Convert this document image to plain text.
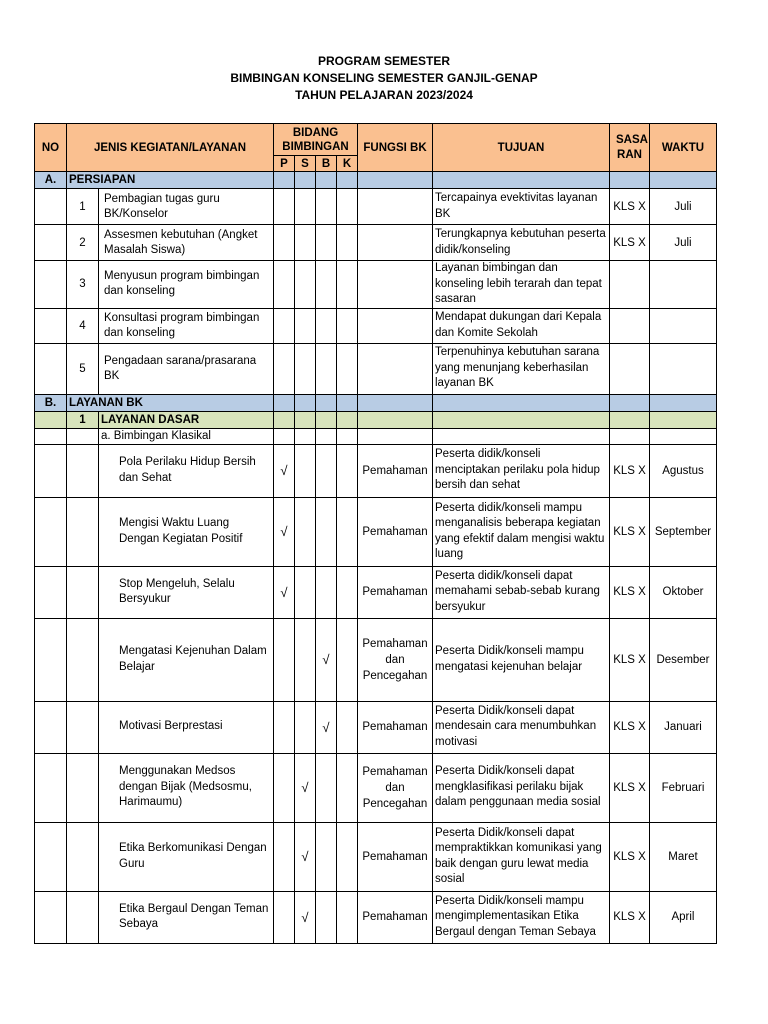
PROGRAM SEMESTER
BIMBINGAN KONSELING SEMESTER GANJIL-GENAP
TAHUN PELAJARAN 2023/2024
NO	JENIS KEGIATAN/LAYANAN		BIDANG BIMBINGAN				FUNGSI BK	TUJUAN	SASA RAN	WAKTU
			P	S	B	K				
A.	PERSIAPAN									
	1	Pembagian tugas guru BK/Konselor						Tercapainya evektivitas layanan BK	KLS X	Juli
	2	Assesmen kebutuhan (Angket Masalah Siswa)						Terungkapnya kebutuhan peserta didik/konseling	KLS X	Juli
	3	Menyusun program bimbingan dan konseling						Layanan bimbingan dan konseling lebih terarah dan tepat sasaran		
	4	Konsultasi program bimbingan dan konseling						Mendapat dukungan dari Kepala dan Komite Sekolah		
	5	Pengadaan sarana/prasarana BK						Terpenuhinya kebutuhan sarana yang menunjang keberhasilan layanan BK		
B.	LAYANAN BK									
	1	LAYANAN DASAR								
		a. Bimbingan Klasikal								
		Pola Perilaku Hidup Bersih dan Sehat	√				Pemahaman	Peserta didik/konseli menciptakan perilaku pola hidup bersih dan sehat	KLS X	Agustus
		Mengisi Waktu Luang Dengan Kegiatan Positif	√				Pemahaman	Peserta didik/konseli mampu menganalisis beberapa kegiatan yang efektif dalam mengisi waktu luang	KLS X	September
		Stop Mengeluh, Selalu Bersyukur	√				Pemahaman	Peserta didik/konseli dapat memahami sebab-sebab kurang bersyukur	KLS X	Oktober
		Mengatasi Kejenuhan Dalam Belajar			√		Pemahaman dan Pencegahan	Peserta Didik/konseli mampu mengatasi kejenuhan belajar	KLS X	Desember
		Motivasi Berprestasi			√		Pemahaman	Peserta Didik/konseli dapat mendesain cara menumbuhkan motivasi	KLS X	Januari
		Menggunakan Medsos dengan Bijak (Medsosmu, Harimaumu)		√			Pemahaman dan Pencegahan	Peserta Didik/konseli dapat mengklasifikasi perilaku bijak dalam penggunaan media sosial	KLS X	Februari
		Etika Berkomunikasi Dengan Guru		√			Pemahaman	Peserta Didik/konseli dapat mempraktikkan komunikasi yang baik dengan guru lewat media sosial	KLS X	Maret
		Etika Bergaul Dengan Teman Sebaya		√			Pemahaman	Peserta Didik/konseli mampu mengimplementasikan Etika Bergaul dengan Teman Sebaya	KLS X	April
